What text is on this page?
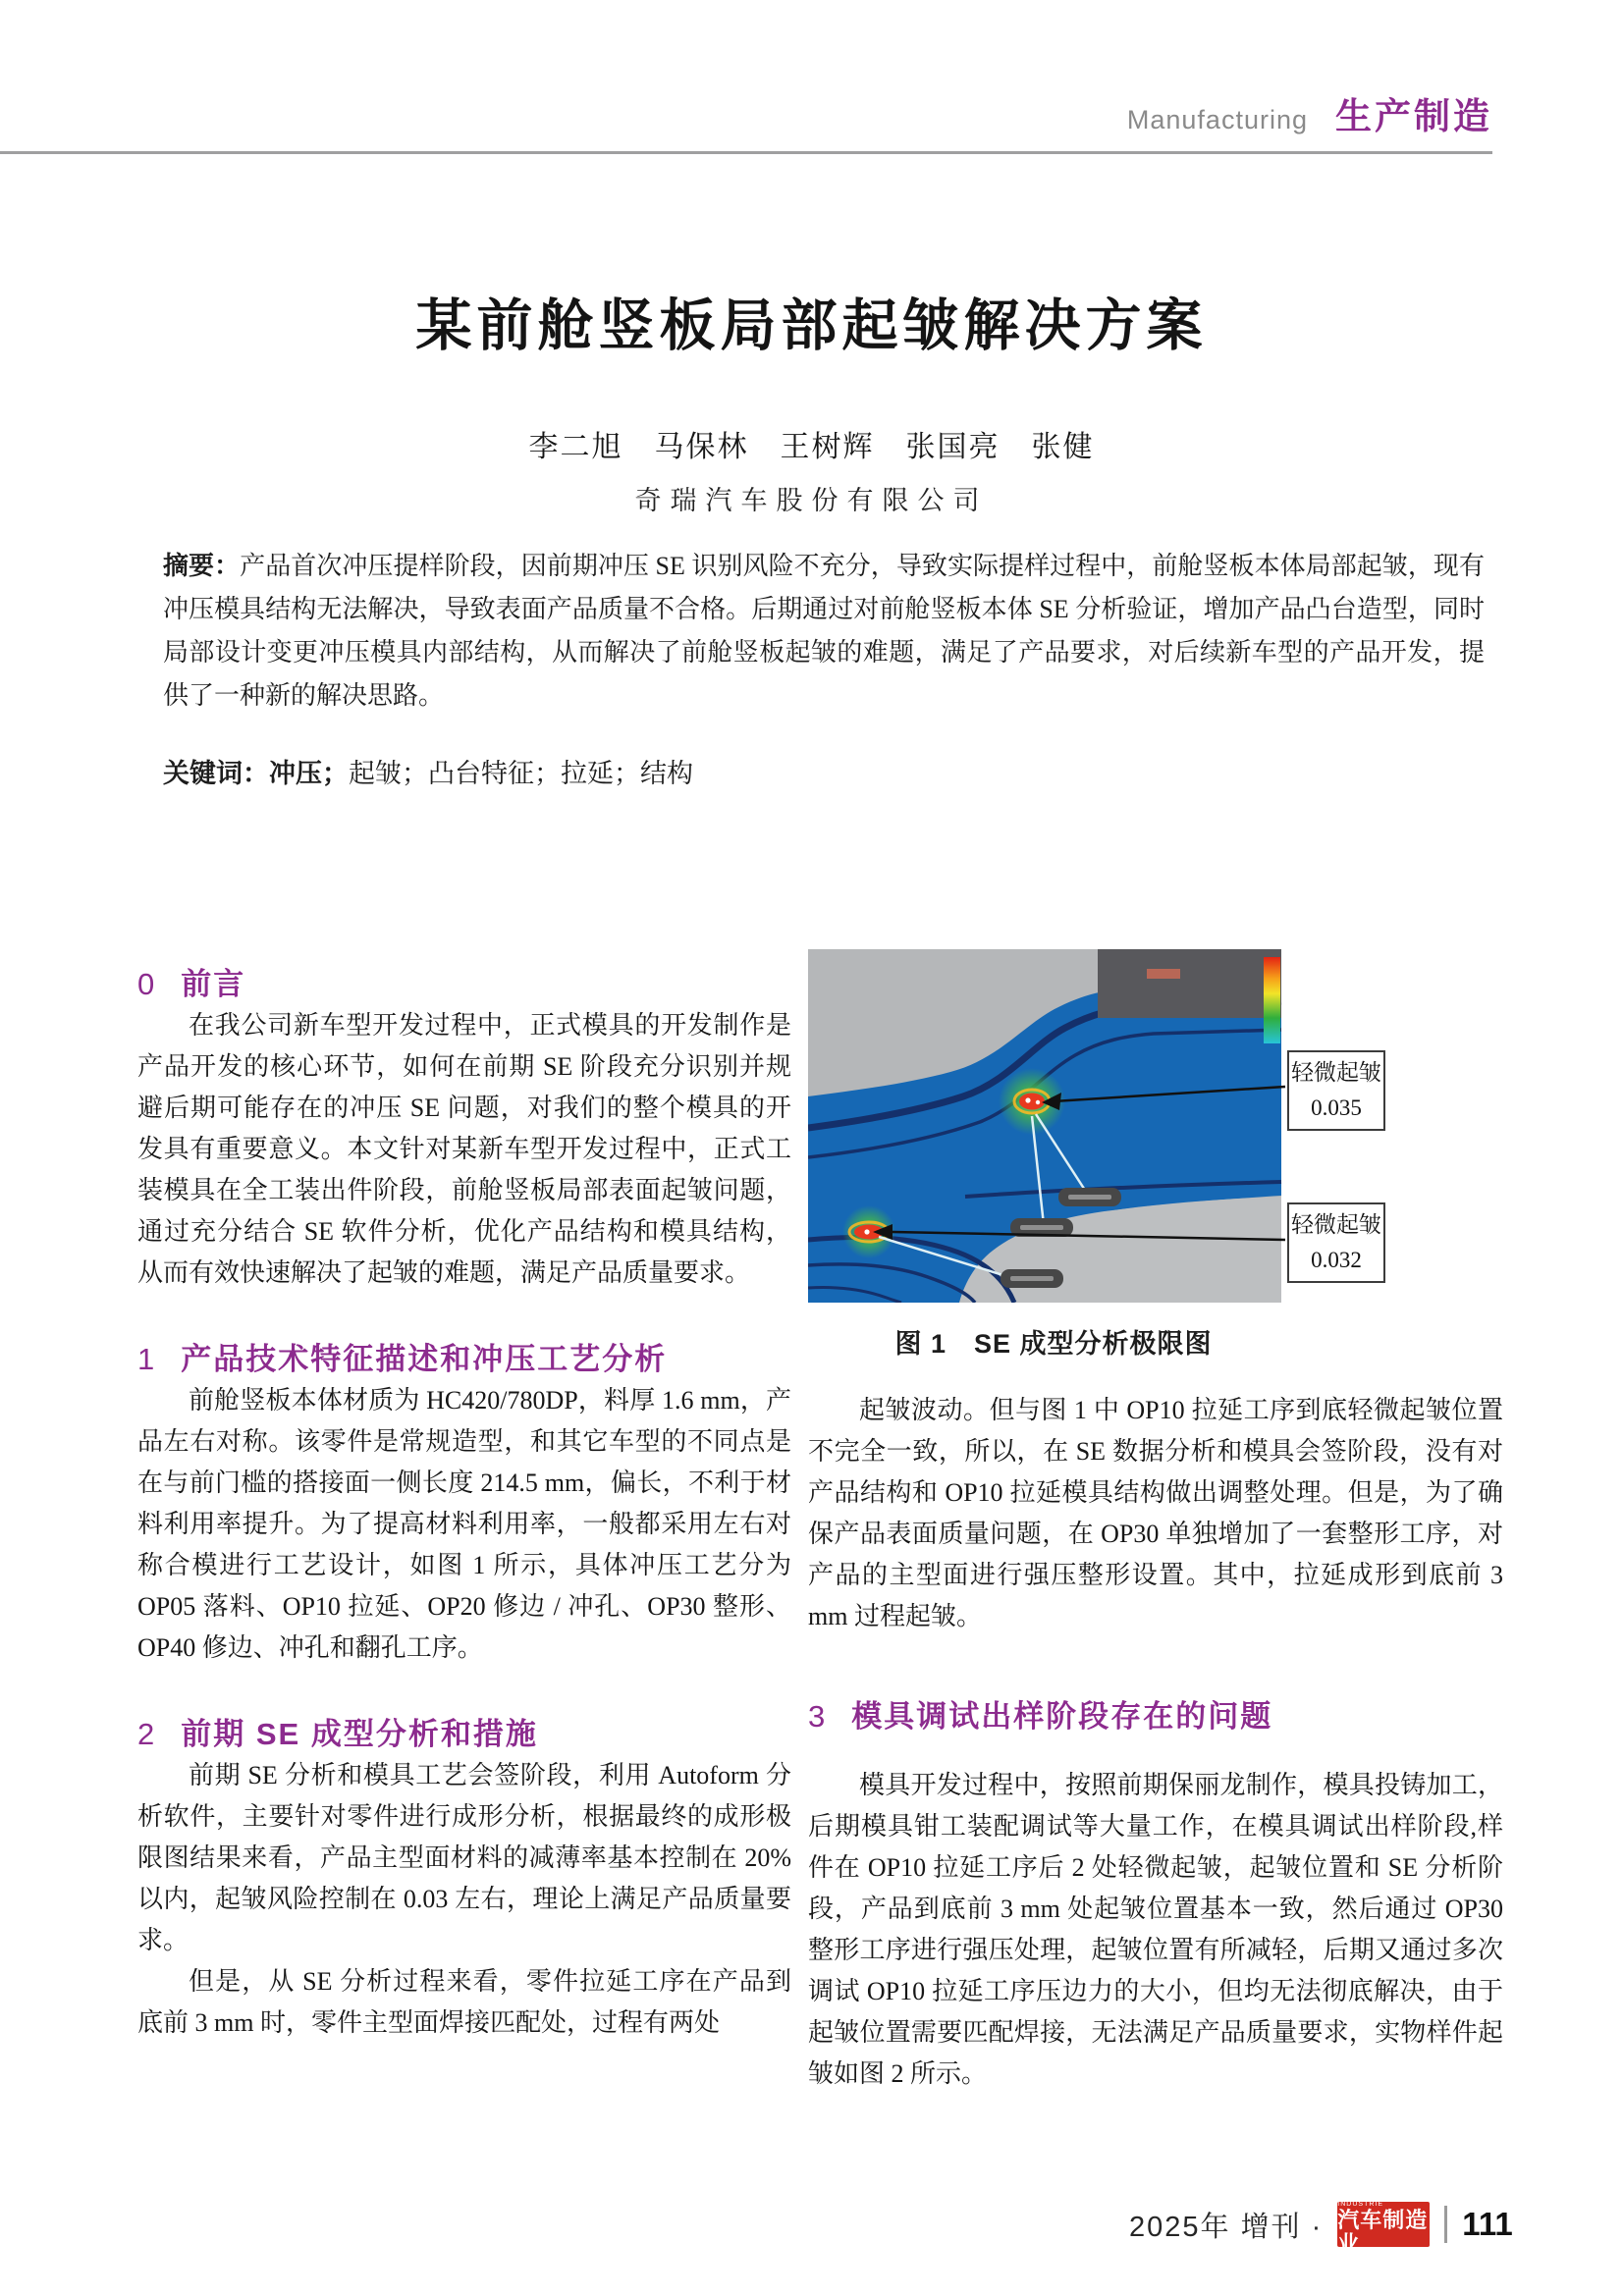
Manufacturing 生产制造
某前舱竖板局部起皱解决方案
李二旭　马保林　王树辉　张国亮　张健
奇瑞汽车股份有限公司
摘要：产品首次冲压提样阶段，因前期冲压 SE 识别风险不充分，导致实际提样过程中，前舱竖板本体局部起皱，现有冲压模具结构无法解决，导致表面产品质量不合格。后期通过对前舱竖板本体 SE 分析验证，增加产品凸台造型，同时局部设计变更冲压模具内部结构，从而解决了前舱竖板起皱的难题，满足了产品要求，对后续新车型的产品开发，提供了一种新的解决思路。
关键词：冲压；起皱；凸台特征；拉延；结构
0 前言

在我公司新车型开发过程中，正式模具的开发制作是产品开发的核心环节，如何在前期 SE 阶段充分识别并规避后期可能存在的冲压 SE 问题，对我们的整个模具的开发具有重要意义。本文针对某新车型开发过程中，正式工装模具在全工装出件阶段，前舱竖板局部表面起皱问题，通过充分结合 SE 软件分析，优化产品结构和模具结构，从而有效快速解决了起皱的难题，满足产品质量要求。

1 产品技术特征描述和冲压工艺分析

前舱竖板本体材质为 HC420/780DP，料厚 1.6 mm，产品左右对称。该零件是常规造型，和其它车型的不同点是在与前门槛的搭接面一侧长度 214.5 mm，偏长，不利于材料利用率提升。为了提高材料利用率，一般都采用左右对称合模进行工艺设计，如图 1 所示，具体冲压工艺分为 OP05 落料、OP10 拉延、OP20 修边 / 冲孔、OP30 整形、OP40 修边、冲孔和翻孔工序。

2 前期 SE 成型分析和措施

前期 SE 分析和模具工艺会签阶段，利用 Autoform 分析软件，主要针对零件进行成形分析，根据最终的成形极限图结果来看，产品主型面材料的减薄率基本控制在 20% 以内，起皱风险控制在 0.03 左右，理论上满足产品质量要求。

但是，从 SE 分析过程来看，零件拉延工序在产品到底前 3 mm 时，零件主型面焊接匹配处，过程有两处

轻微起皱
0.035
轻微起皱
0.032
图 1　SE 成型分析极限图

起皱波动。但与图 1 中 OP10 拉延工序到底轻微起皱位置不完全一致，所以，在 SE 数据分析和模具会签阶段，没有对产品结构和 OP10 拉延模具结构做出调整处理。但是，为了确保产品表面质量问题，在 OP30 单独增加了一套整形工序，对产品的主型面进行强压整形设置。其中，拉延成形到底前 3 mm 过程起皱。

3 模具调试出样阶段存在的问题

模具开发过程中，按照前期保丽龙制作，模具投铸加工，后期模具钳工装配调试等大量工作，在模具调试出样阶段,样件在 OP10 拉延工序后 2 处轻微起皱，起皱位置和 SE 分析阶段，产品到底前 3 mm 处起皱位置基本一致，然后通过 OP30 整形工序进行强压处理，起皱位置有所减轻，后期又通过多次调试 OP10 拉延工序压边力的大小，但均无法彻底解决，由于起皱位置需要匹配焊接，无法满足产品质量要求，实物样件起皱如图 2 所示。

2025年 增刊 ·
AUTOMOBIL INDUSTRIE
汽车制造业
111
